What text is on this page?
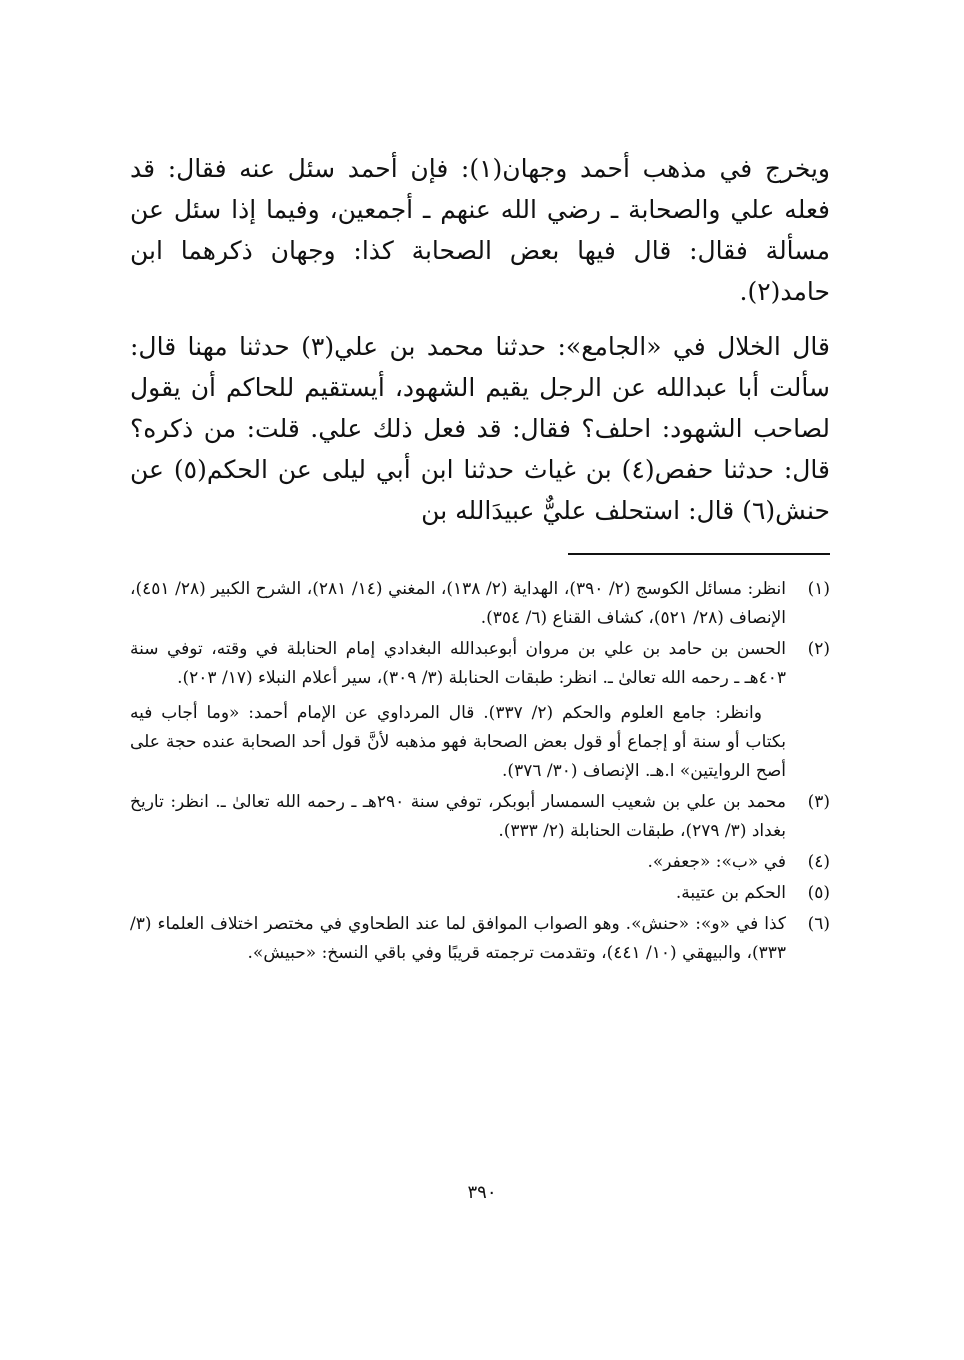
ويخرج في مذهب أحمد وجهان(١): فإن أحمد سئل عنه فقال: قد فعله علي والصحابة ـ رضي الله عنهم ـ أجمعين، وفيما إذا سئل عن مسألة فقال: قال فيها بعض الصحابة كذا: وجهان ذكرهما ابن حامد(٢).

قال الخلال في «الجامع»: حدثنا محمد بن علي(٣) حدثنا مهنا قال: سألت أبا عبدالله عن الرجل يقيم الشهود، أيستقيم للحاكم أن يقول لصاحب الشهود: احلف؟ فقال: قد فعل ذلك علي. قلت: من ذكره؟ قال: حدثنا حفص(٤) بن غياث حدثنا ابن أبي ليلى عن الحكم(٥) عن حنش(٦) قال: استحلف عليٌّ عبيدَالله بن

(١)

انظر: مسائل الكوسج (٢/ ٣٩٠)، الهداية (٢/ ١٣٨)، المغني (١٤/ ٢٨١)، الشرح الكبير (٢٨/ ٤٥١)، الإنصاف (٢٨/ ٥٢١)، كشاف القناع (٦/ ٣٥٤).

(٢)

الحسن بن حامد بن علي بن مروان أبوعبدالله البغدادي إمام الحنابلة في وقته، توفي سنة ٤٠٣هـ ـ رحمه الله تعالىٰ ـ. انظر: طبقات الحنابلة (٣/ ٣٠٩)، سير أعلام النبلاء (١٧/ ٢٠٣).

وانظر: جامع العلوم والحكم (٢/ ٣٣٧). قال المرداوي عن الإمام أحمد: «وما أجاب فيه بكتاب أو سنة أو إجماع أو قول بعض الصحابة فهو مذهبه لأنَّ قول أحد الصحابة عنده حجة على أصح الروايتين» ا.هـ. الإنصاف (٣٠/ ٣٧٦).

(٣)

محمد بن علي بن شعيب السمسار أبوبكر، توفي سنة ٢٩٠هـ ـ رحمه الله تعالىٰ ـ. انظر: تاريخ بغداد (٣/ ٢٧٩)، طبقات الحنابلة (٢/ ٣٣٣).

(٤)

في «ب»: «جعفر».

(٥)

الحكم بن عتيبة.

(٦)

كذا في «و»: «حنش». وهو الصواب الموافق لما عند الطحاوي في مختصر اختلاف العلماء (٣/ ٣٣٣)، والبيهقي (١٠/ ٤٤١)، وتقدمت ترجمته قريبًا وفي باقي النسخ: «حبيش».

٣٩٠
